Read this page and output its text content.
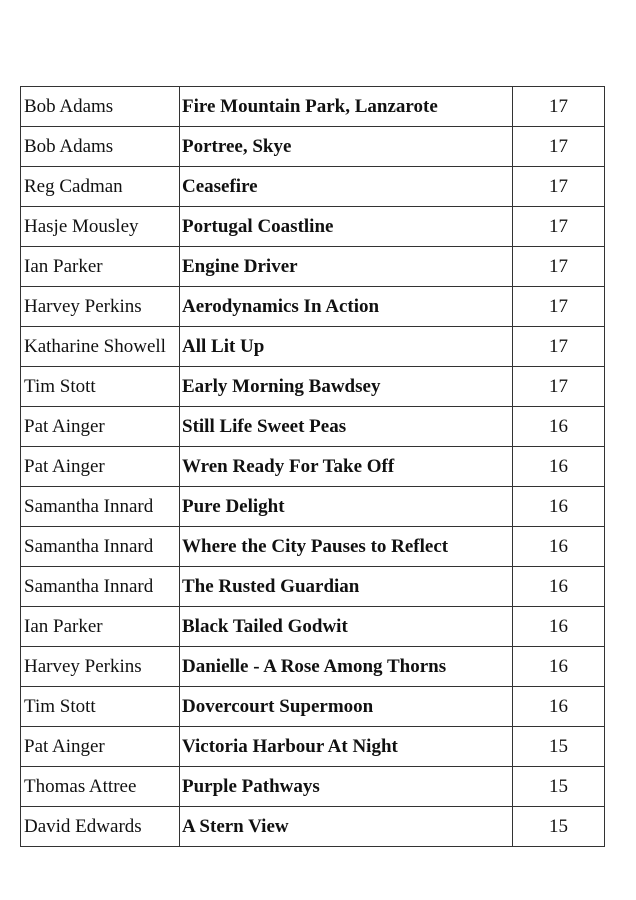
Bob Adams	Fire Mountain Park, Lanzarote	17
Bob Adams	Portree, Skye	17
Reg Cadman	Ceasefire	17
Hasje Mousley	Portugal Coastline	17
Ian Parker	Engine Driver	17
Harvey Perkins	Aerodynamics In Action	17
Katharine Showell	All Lit Up	17
Tim Stott	Early Morning Bawdsey	17
Pat Ainger	Still Life Sweet Peas	16
Pat Ainger	Wren Ready For Take Off	16
Samantha Innard	Pure Delight	16
Samantha Innard	Where the City Pauses to Reflect	16
Samantha Innard	The Rusted Guardian	16
Ian Parker	Black Tailed Godwit	16
Harvey Perkins	Danielle - A Rose Among Thorns	16
Tim Stott	Dovercourt Supermoon	16
Pat Ainger	Victoria Harbour At Night	15
Thomas Attree	Purple Pathways	15
David Edwards	A Stern View	15
